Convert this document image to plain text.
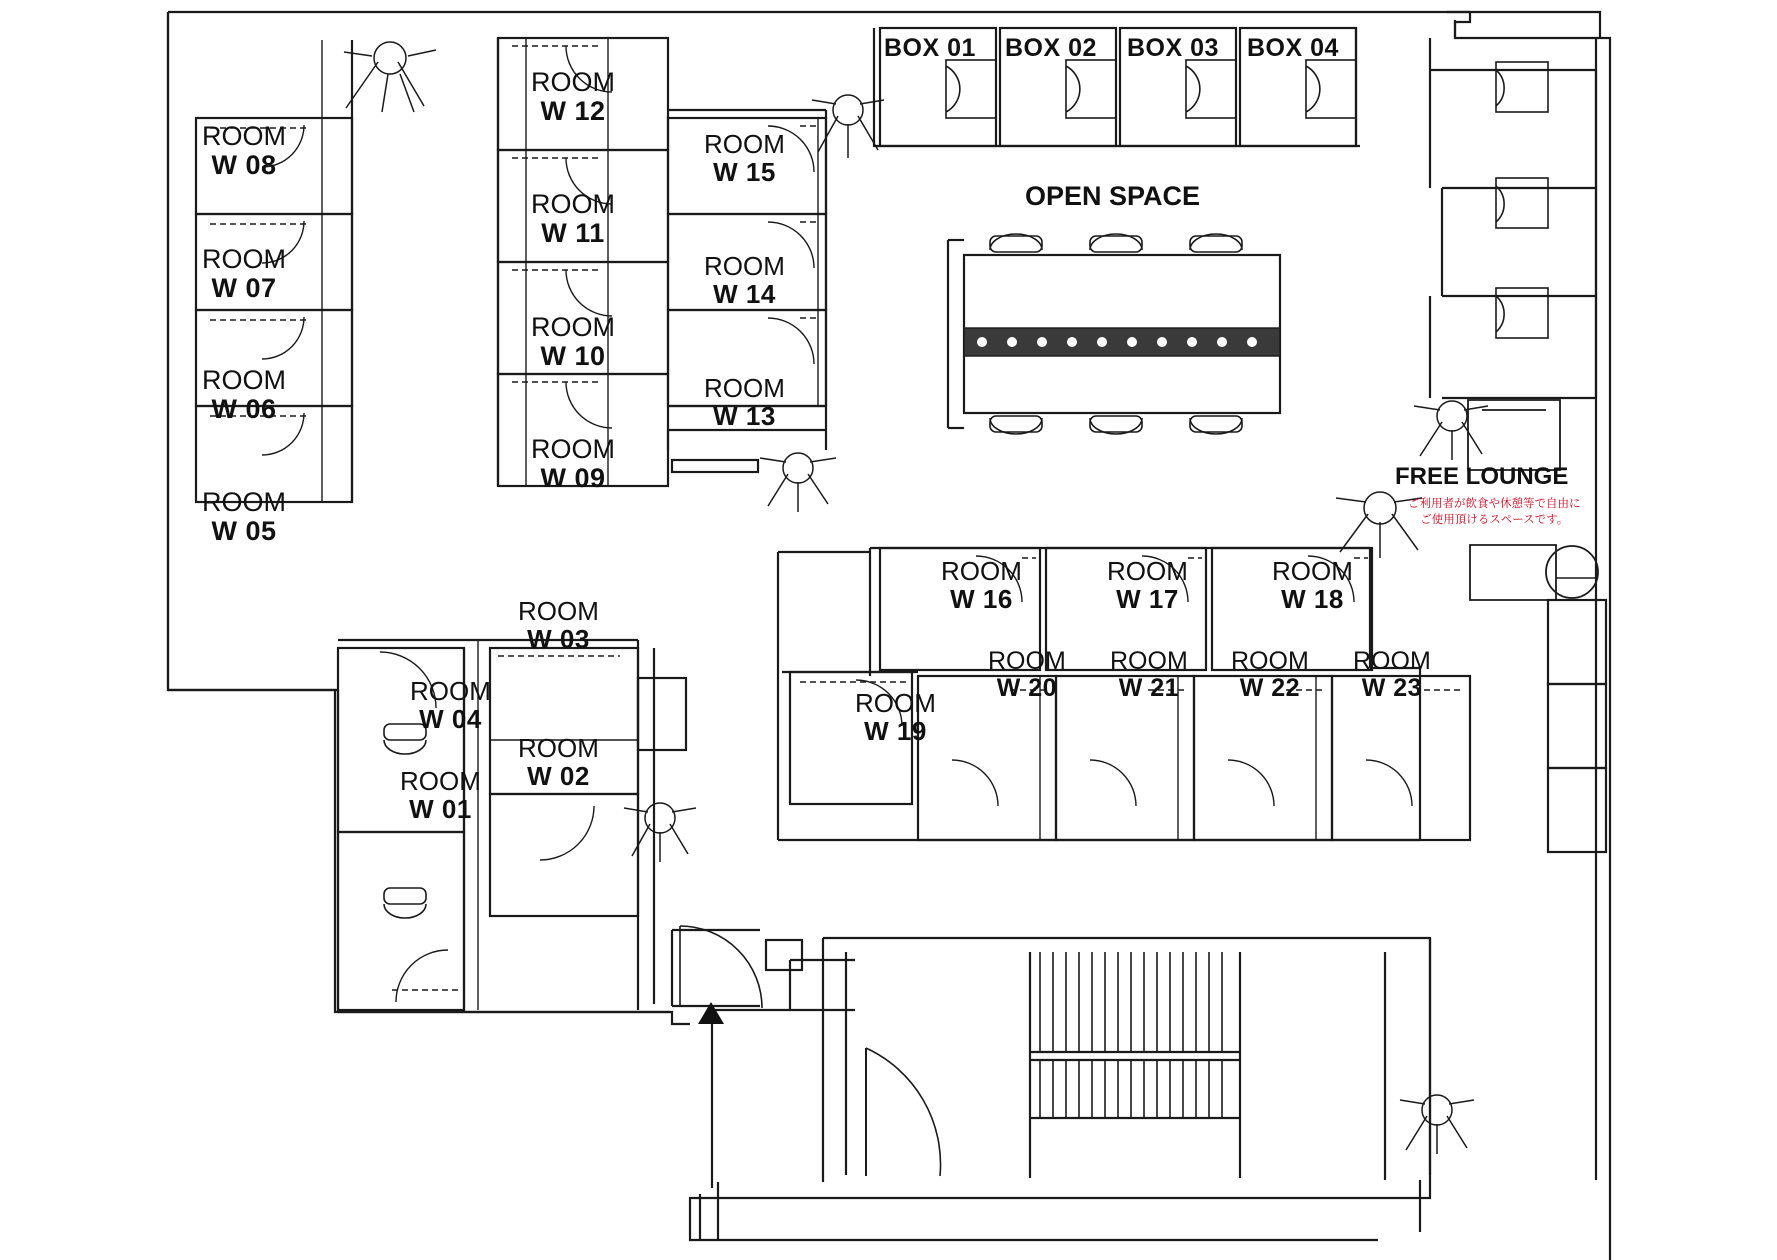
BOX 01 BOX 02 BOX 03 BOX 04
OPEN SPACE
FREE LOUNGE
ご利用者が飲食や休憩等で自由に
ご使用頂けるスペースです。
ROOM
W 08
ROOM
W 07
ROOM
W 06
ROOM
W 05
ROOM
W 12
ROOM
W 11
ROOM
W 10
ROOM
W 09
ROOM
W 15
ROOM
W 14
ROOM
W 13
ROOM
W 03
ROOM
W 04
ROOM
W 02
ROOM
W 01
ROOM
W 16
ROOM
W 17
ROOM
W 18
ROOM
W 19
ROOM
W 20
ROOM
W 21
ROOM
W 22
ROOM
W 23
